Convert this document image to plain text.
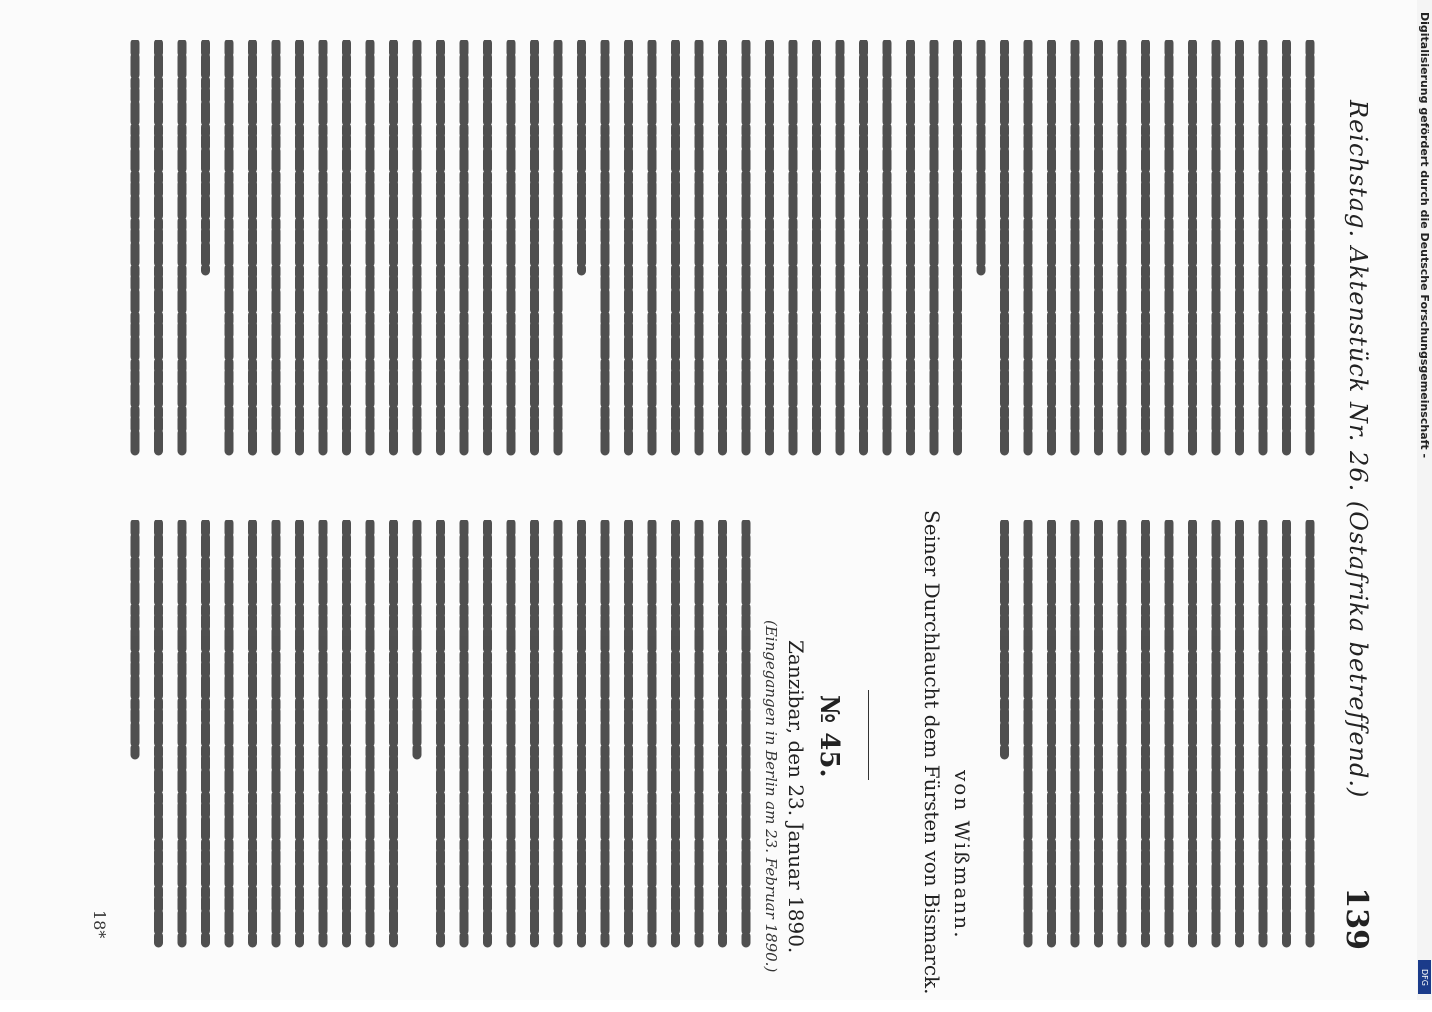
Reichstag. Aktenstück Nr. 26. (Ostafrika betreffend.)
139
von Wißmann.
Seiner Durchlaucht dem Fürsten von Bismarck.
№ 45.
Zanzibar, den 23. Januar 1890.
(Eingegangen in Berlin am 23. Februar 1890.)
18*
Digitalisierung gefördert durch die Deutsche Forschungsgemeinschaft -
DFG
